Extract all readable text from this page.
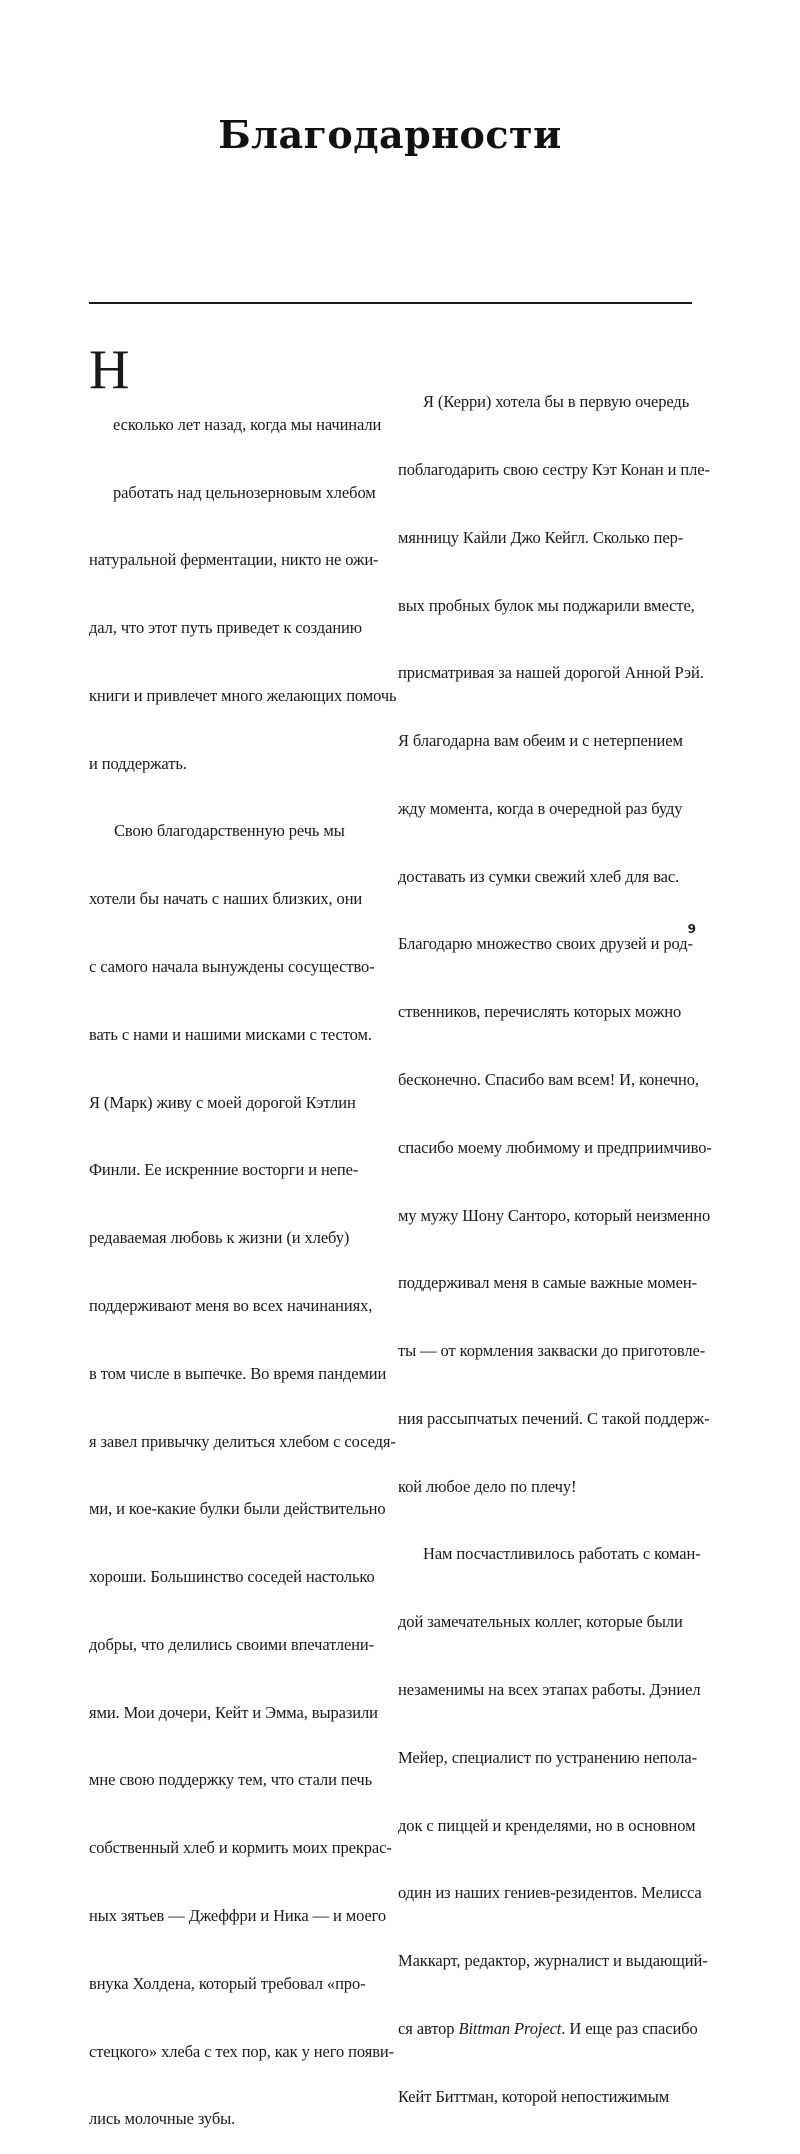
Благодарности

Н

есколько лет назад, когда мы начинали

работать над цельнозерновым хлебом

натуральной ферментации, никто не ожи-

дал, что этот путь приведет к созданию

книги и привлечет много желающих помочь

и поддержать.

Свою благодарственную речь мы

хотели бы начать с наших близких, они

с самого начала вынуждены сосущество-

вать с нами и нашими мисками с тестом.

Я (Марк) живу с моей дорогой Кэтлин

Финли. Ее искренние восторги и непе-

редаваемая любовь к жизни (и хлебу)

поддерживают меня во всех начинаниях,

в том числе в выпечке. Во время пандемии

я завел привычку делиться хлебом с соседя-

ми, и кое-какие булки были действительно

хороши. Большинство соседей настолько

добры, что делились своими впечатлени-

ями. Мои дочери, Кейт и Эмма, выразили

мне свою поддержку тем, что стали печь

собственный хлеб и кормить моих прекрас-

ных зятьев — Джеффри и Ника — и моего

внука Холдена, который требовал «про-

стецкого» хлеба с тех пор, как у него появи-

лись молочные зубы.

Я (Керри) хотела бы в первую очередь

поблагодарить свою сестру Кэт Конан и пле-

мянницу Кайли Джо Кейгл. Сколько пер-

вых пробных булок мы поджарили вместе,

присматривая за нашей дорогой Анной Рэй.

Я благодарна вам обеим и с нетерпением

жду момента, когда в очередной раз буду

доставать из сумки свежий хлеб для вас.

Благодарю множество своих друзей и род-

ственников, перечислять которых можно

бесконечно. Спасибо вам всем! И, конечно,

спасибо моему любимому и предприимчиво-

му мужу Шону Санторо, который неизменно

поддерживал меня в самые важные момен-

ты — от кормления закваски до приготовле-

ния рассыпчатых печений. С такой поддерж-

кой любое дело по плечу!

Нам посчастливилось работать с коман-

дой замечательных коллег, которые были

незаменимы на всех этапах работы. Дэниел

Мейер, специалист по устранению непола-

док с пиццей и кренделями, но в основном

один из наших гениев-резидентов. Мелисса

Маккарт, редактор, журналист и выдающий-

ся автор Bittman Project. И еще раз спасибо

Кейт Биттман, которой непостижимым

9
